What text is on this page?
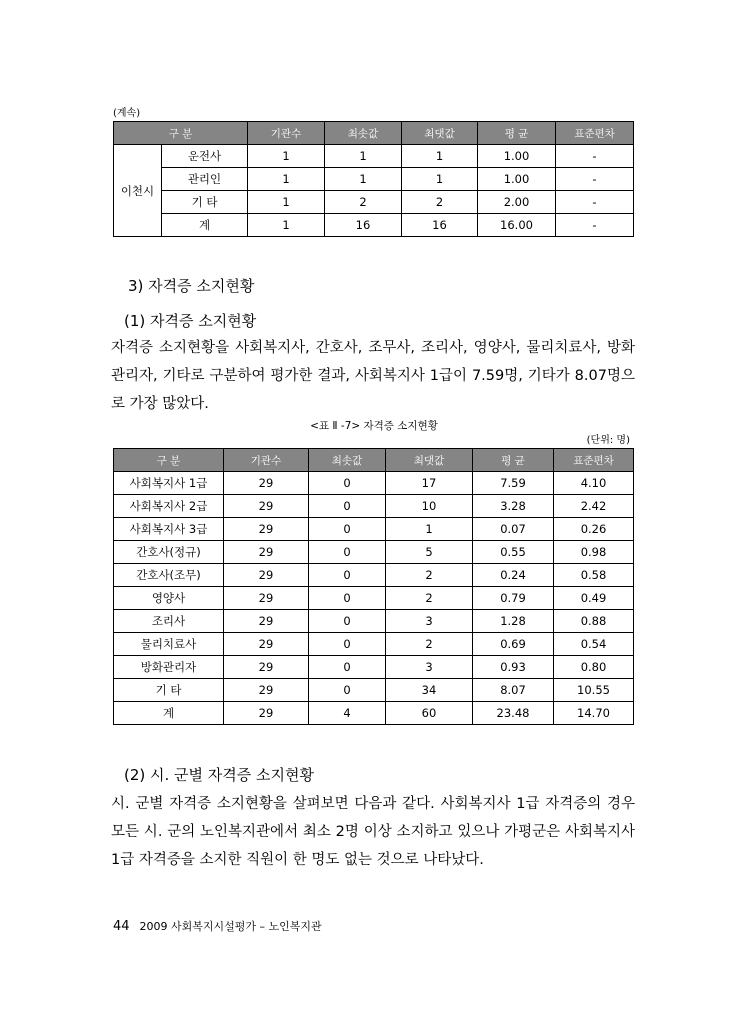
(계속)
구 분		기관수	최솟값	최댓값	평 균	표준편차
이천시	운전사	1	1	1	1.00	-
	관리인	1	1	1	1.00	-
	기 타	1	2	2	2.00	-
	계	1	16	16	16.00	-
3) 자격증 소지현황
(1) 자격증 소지현황
자격증 소지현황을 사회복지사, 간호사, 조무사, 조리사, 영양사, 물리치료사, 방화관리자, 기타로 구분하여 평가한 결과, 사회복지사 1급이 7.59명, 기타가 8.07명으로 가장 많았다.
<표 Ⅱ -7> 자격증 소지현황
(단위: 명)
구 분	기관수	최솟값	최댓값	평 균	표준편차
사회복지사 1급	29	0	17	7.59	4.10
사회복지사 2급	29	0	10	3.28	2.42
사회복지사 3급	29	0	1	0.07	0.26
간호사(정규)	29	0	5	0.55	0.98
간호사(조무)	29	0	2	0.24	0.58
영양사	29	0	2	0.79	0.49
조리사	29	0	3	1.28	0.88
물리치료사	29	0	2	0.69	0.54
방화관리자	29	0	3	0.93	0.80
기 타	29	0	34	8.07	10.55
계	29	4	60	23.48	14.70
(2) 시. 군별 자격증 소지현황
시. 군별 자격증 소지현황을 살펴보면 다음과 같다. 사회복지사 1급 자격증의 경우 모든 시. 군의 노인복지관에서 최소 2명 이상 소지하고 있으나 가평군은 사회복지사 1급 자격증을 소지한 직원이 한 명도 없는 것으로 나타났다.
44 2009 사회복지시설평가 – 노인복지관
